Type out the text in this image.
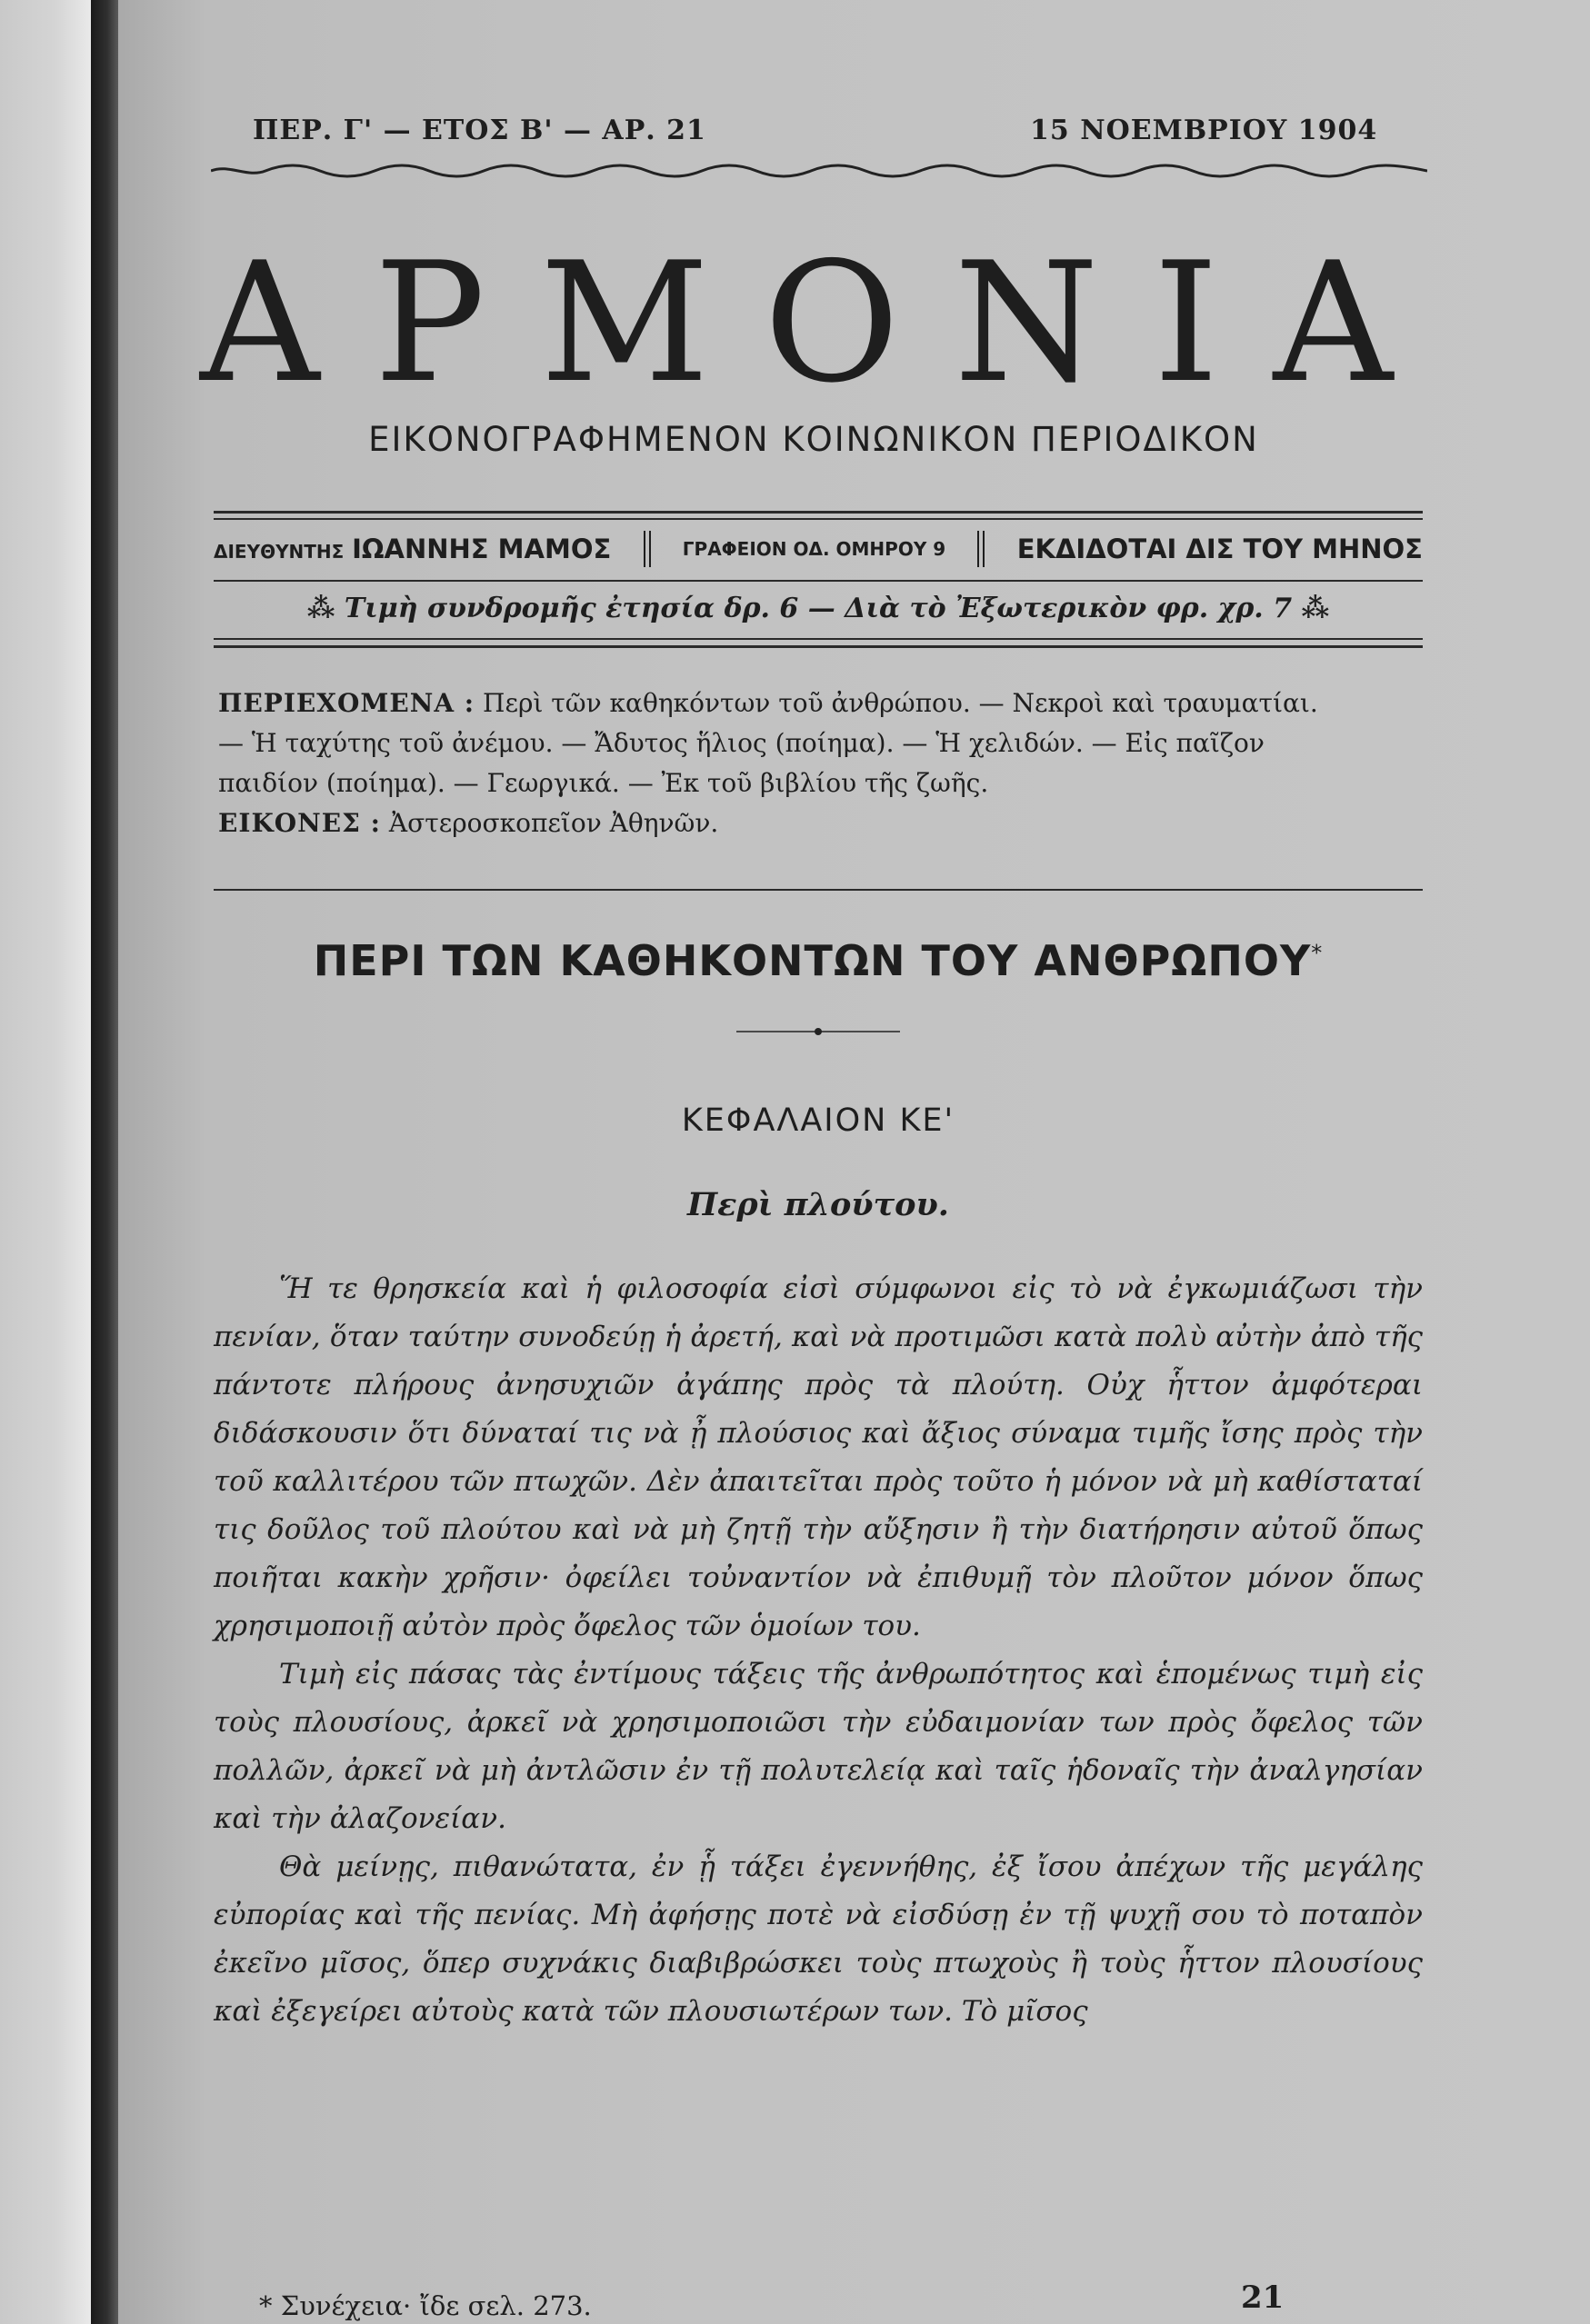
ΠΕΡ. Γ' — ΕΤΟΣ Β' — ΑΡ. 21	15 ΝΟΕΜΒΡΙΟΥ 1904
ΑΡΜΟΝΙΑ
ΕΙΚΟΝΟΓΡΑΦΗΜΕΝΟΝ ΚΟΙΝΩΝΙΚΟΝ ΠΕΡΙΟΔΙΚΟΝ
ΔΙΕΥΘΥΝΤΗΣ ΙΩΑΝΝΗΣ ΜΑΜΟΣ	ΓΡΑΦΕΙΟΝ ΟΔ. ΟΜΗΡΟΥ 9	ΕΚΔΙΔΟΤΑΙ ΔΙΣ ΤΟΥ ΜΗΝΟΣ
⁂ Τιμὴ συνδρομῆς ἐτησία δρ. 6 — Διὰ τὸ Ἐξωτερικὸν φρ. χρ. 7 ⁂
ΠΕΡΙΕΧΟΜΕΝΑ : Περὶ τῶν καθηκόντων τοῦ ἀνθρώπου. — Νεκροὶ καὶ τραυματίαι.
— Ἡ ταχύτης τοῦ ἀνέμου. — Ἄδυτος ἥλιος (ποίημα). — Ἡ χελιδών. — Εἰς παῖζον
παιδίον (ποίημα). — Γεωργικά. — Ἐκ τοῦ βιβλίου τῆς ζωῆς.
ΕΙΚΟΝΕΣ : Ἀστεροσκοπεῖον Ἀθηνῶν.
ΠΕΡΙ ΤΩΝ ΚΑΘΗΚΟΝΤΩΝ ΤΟΥ ΑΝΘΡΩΠΟΥ*
ΚΕΦΑΛΑΙΟΝ ΚΕ'
Περὶ πλούτου.

Ἥ τε θρησκεία καὶ ἡ φιλοσοφία εἰσὶ σύμφωνοι εἰς τὸ νὰ ἐγκωμιάζωσι τὴν πενίαν, ὅταν ταύτην συνοδεύῃ ἡ ἀρετή, καὶ νὰ προτιμῶσι κατὰ πολὺ αὐτὴν ἀπὸ τῆς πάντοτε πλήρους ἀνησυχιῶν ἀγάπης πρὸς τὰ πλούτη. Οὐχ ἧττον ἀμφότεραι διδάσκουσιν ὅτι δύναταί τις νὰ ᾖ πλούσιος καὶ ἄξιος σύναμα τιμῆς ἴσης πρὸς τὴν τοῦ καλλιτέρου τῶν πτωχῶν. Δὲν ἀπαιτεῖται πρὸς τοῦτο ἡ μόνον νὰ μὴ καθίσταταί τις δοῦλος τοῦ πλούτου καὶ νὰ μὴ ζητῇ τὴν αὔξησιν ἢ τὴν διατήρησιν αὐτοῦ ὅπως ποιῆται κακὴν χρῆσιν· ὀφείλει τοὐναντίον νὰ ἐπιθυμῇ τὸν πλοῦτον μόνον ὅπως χρησιμοποιῇ αὐτὸν πρὸς ὄφελος τῶν ὁμοίων του.

Τιμὴ εἰς πάσας τὰς ἐντίμους τάξεις τῆς ἀνθρωπότητος καὶ ἑπομένως τιμὴ εἰς τοὺς πλουσίους, ἀρκεῖ νὰ χρησιμοποιῶσι τὴν εὐδαιμονίαν των πρὸς ὄφελος τῶν πολλῶν, ἀρκεῖ νὰ μὴ ἀντλῶσιν ἐν τῇ πολυτελείᾳ καὶ ταῖς ἡδοναῖς τὴν ἀναλγησίαν καὶ τὴν ἀλαζονείαν.

Θὰ μείνῃς, πιθανώτατα, ἐν ᾗ τάξει ἐγεννήθης, ἐξ ἴσου ἀπέχων τῆς μεγάλης εὐπορίας καὶ τῆς πενίας. Μὴ ἀφήσῃς ποτὲ νὰ εἰσδύσῃ ἐν τῇ ψυχῇ σου τὸ ποταπὸν ἐκεῖνο μῖσος, ὅπερ συχνάκις διαβιβρώσκει τοὺς πτωχοὺς ἢ τοὺς ἧττον πλουσίους καὶ ἐξεγείρει αὐτοὺς κατὰ τῶν πλουσιωτέρων των. Τὸ μῖσος

* Συνέχεια· ἴδε σελ. 273.	21
